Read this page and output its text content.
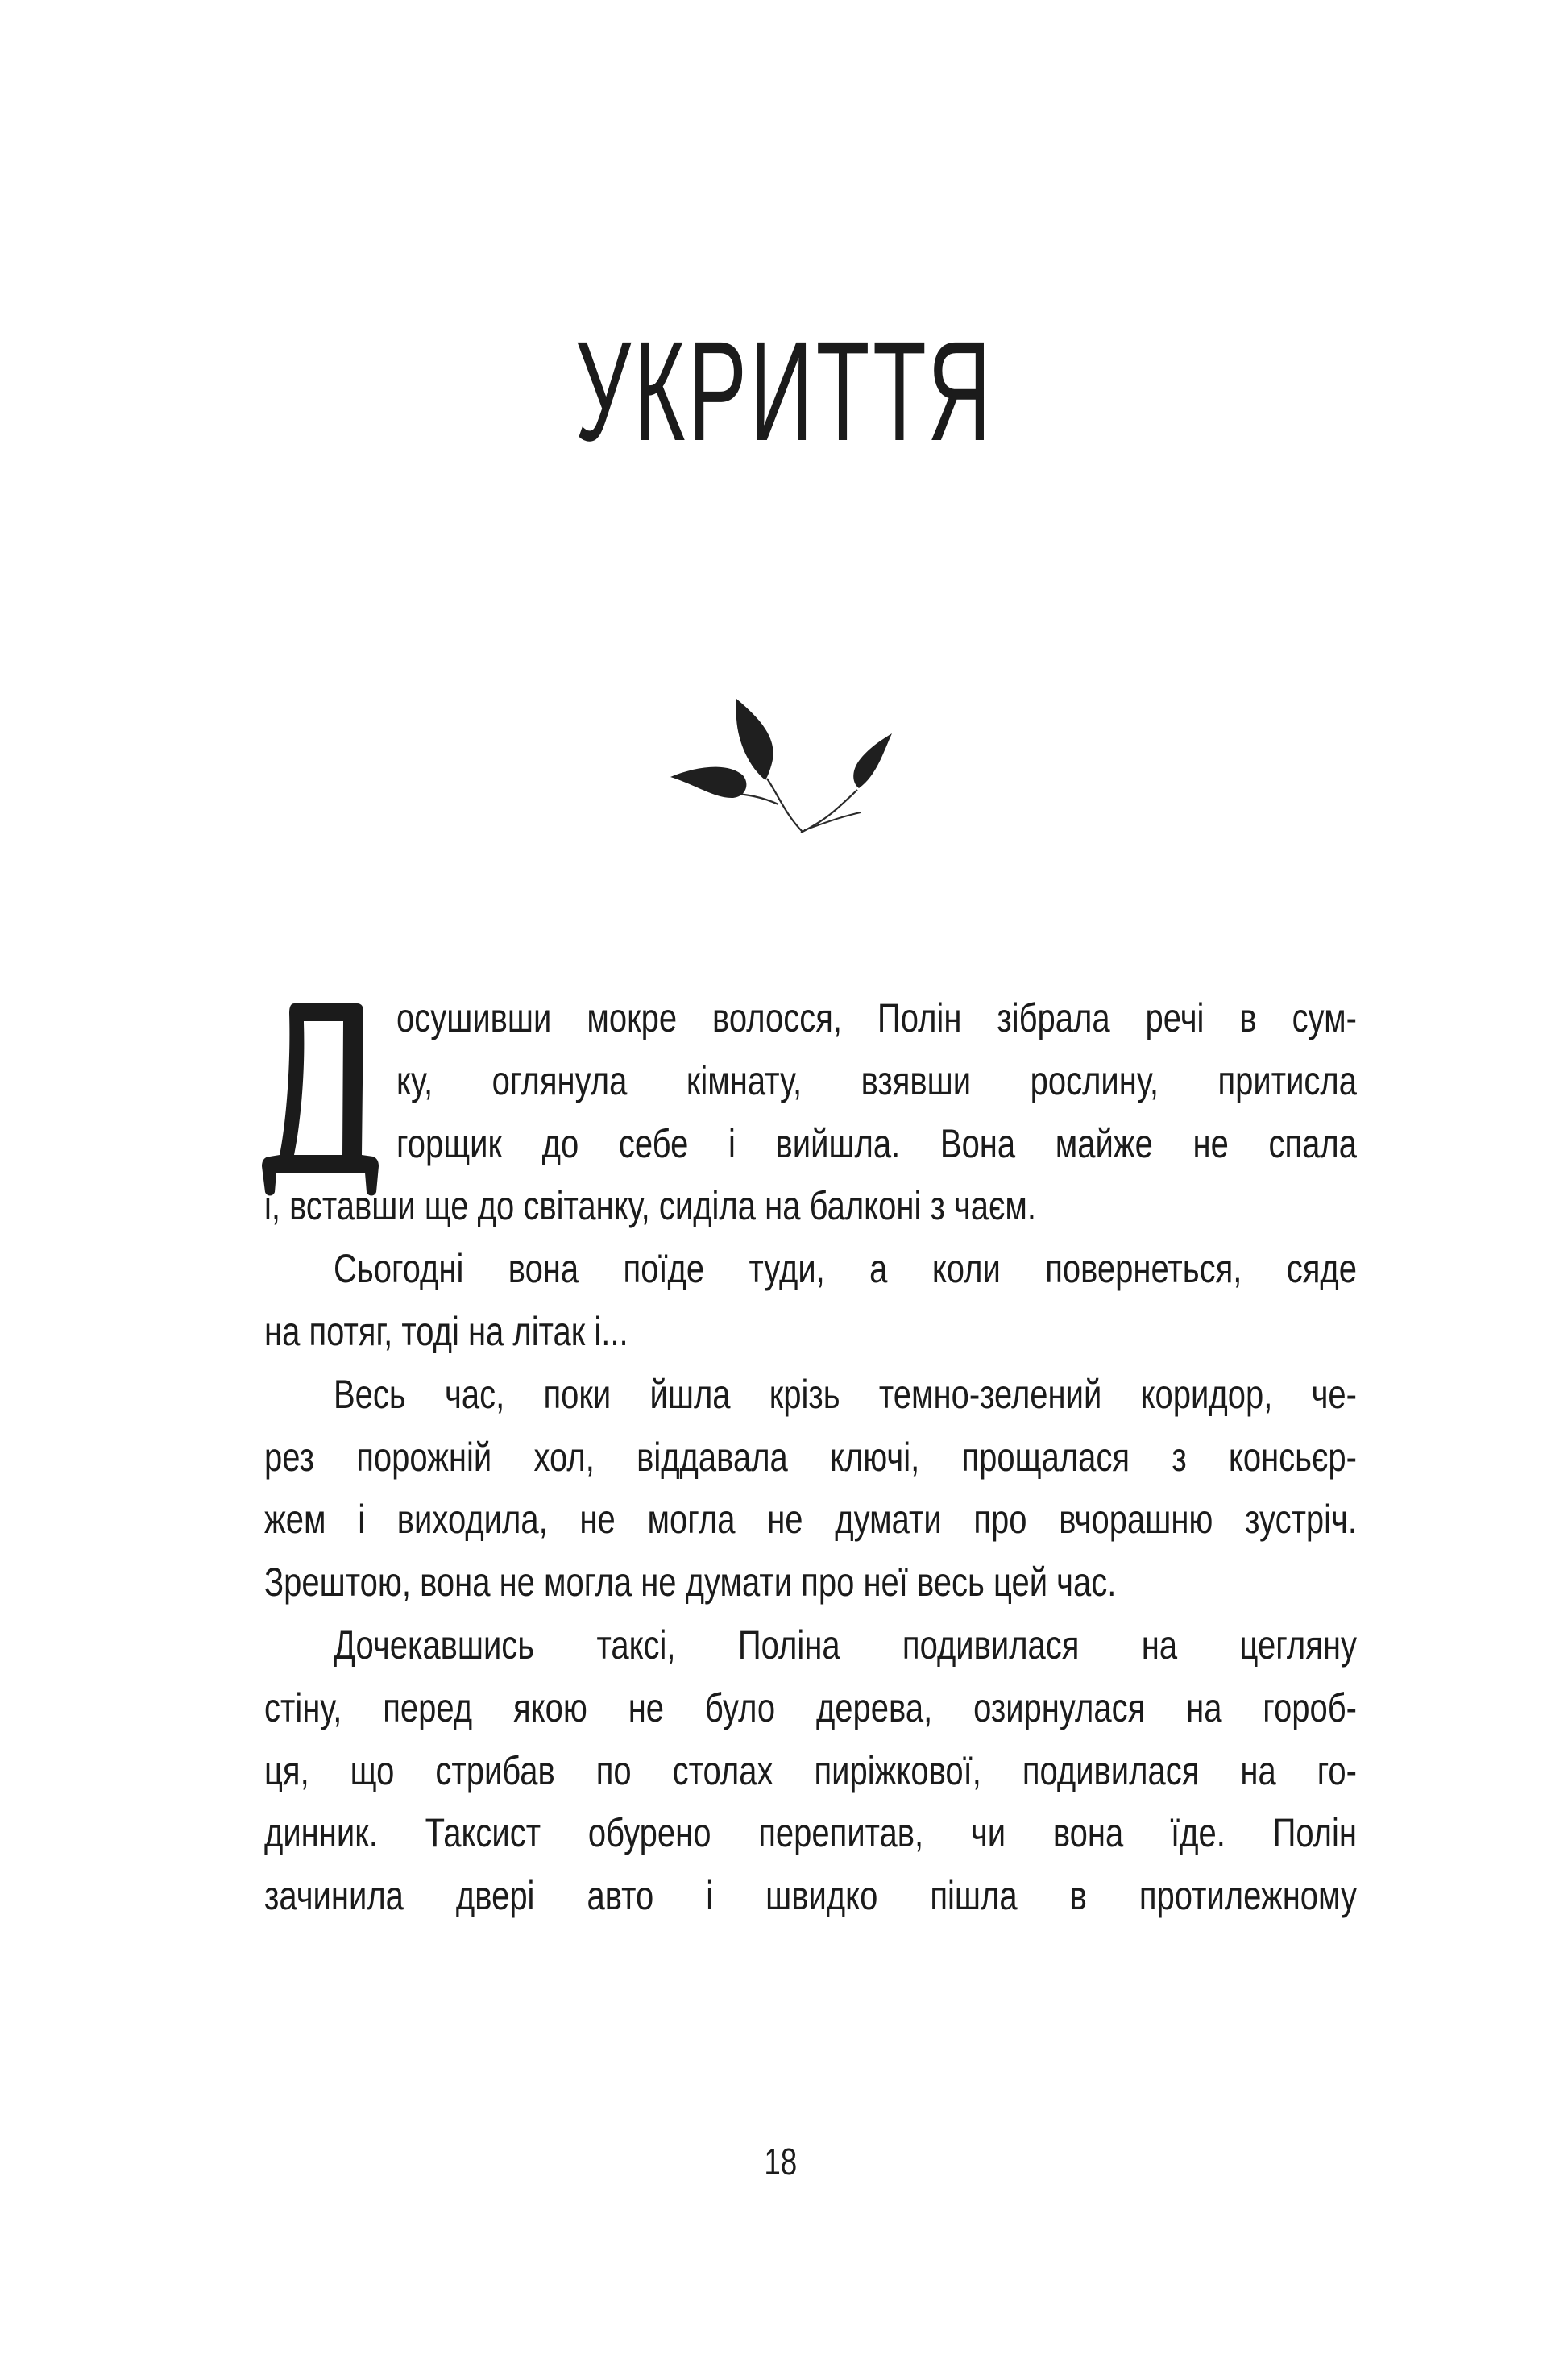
УКРИТТЯ
осушивши мокре волосся, Полін зібрала речі в сум-
ку, оглянула кімнату, взявши рослину, притисла
горщик до себе і вийшла. Вона майже не спала
і, вставши ще до світанку, сиділа на балконі з чаєм.
Сьогодні вона поїде туди, а коли повернеться, сяде
на потяг, тоді на літак і...
Весь час, поки йшла крізь темно-зелений коридор, че-
рез порожній хол, віддавала ключі, прощалася з консьєр-
жем і виходила, не могла не думати про вчорашню зустріч.
Зрештою, вона не могла не думати про неї весь цей час.
Дочекавшись таксі, Поліна подивилася на цегляну
стіну, перед якою не було дерева, озирнулася на гороб-
ця, що стрибав по столах пиріжкової, подивилася на го-
динник. Таксист обурено перепитав, чи вона їде. Полін
зачинила двері авто і швидко пішла в протилежному
18
